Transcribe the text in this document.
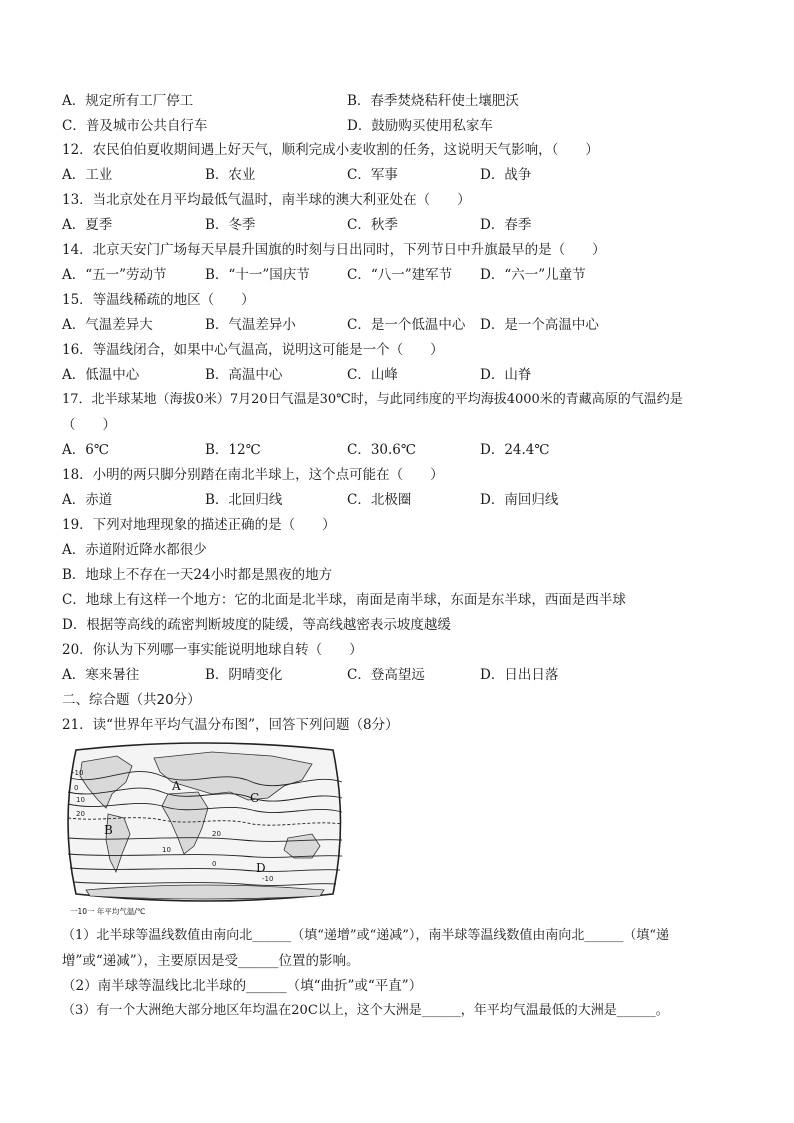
A．规定所有工厂停工	B．春季焚烧秸秆使土壤肥沃
C．普及城市公共自行车	D．鼓励购买使用私家车
12．农民伯伯夏收期间遇上好天气，顺利完成小麦收割的任务，这说明天气影响，（　　）
A．工业	B．农业	C．军事	D．战争
13．当北京处在月平均最低气温时，南半球的澳大利亚处在（　　）
A．夏季	B．冬季	C．秋季	D．春季
14．北京天安门广场每天早晨升国旗的时刻与日出同时，下列节日中升旗最早的是（　　）
A．“五一”劳动节	B．“十一”国庆节	C．“八一”建军节 D．“六一”儿童节
15．等温线稀疏的地区（　　）
A．气温差异大	B．气温差异小	C．是一个低温中心 D．是一个高温中心
16．等温线闭合，如果中心气温高，说明这可能是一个（　　）
A．低温中心	B．高温中心	C．山峰	D．山脊
17．北半球某地（海拔0米）7月20日气温是30℃时，与此同纬度的平均海拔4000米的青藏高原的气温约是
（　　）
A．6℃	B．12℃	C．30.6℃	D．24.4℃
18．小明的两只脚分别踏在南北半球上，这个点可能在（　　）
A．赤道	B．北回归线	C．北极圈	D．南回归线
19．下列对地理现象的描述正确的是（　　）
A．赤道附近降水都很少
B．地球上不存在一天24小时都是黑夜的地方
C．地球上有这样一个地方：它的北面是北半球，南面是南半球，东面是东半球，西面是西半球
D．根据等高线的疏密判断坡度的陡缓，等高线越密表示坡度越缓
20．你认为下列哪一事实能说明地球自转（　　）
A．寒来暑往	B．阴晴变化	C．登高望远	D．日出日落
二、综合题（共20分）
21．读“世界年平均气温分布图”，回答下列问题（8分）
-10
0
10
20
20
10
0
-10
A
B
C
D
一10一 年平均气温/℃
（1）北半球等温线数值由南向北______（填“递增”或“递减”），南半球等温线数值由南向北______（填“递
增”或“递减”），主要原因是受______位置的影响。
（2）南半球等温线比北半球的______（填“曲折”或“平直”）
（3）有一个大洲绝大部分地区年均温在20C以上，这个大洲是______，年平均气温最低的大洲是______。
